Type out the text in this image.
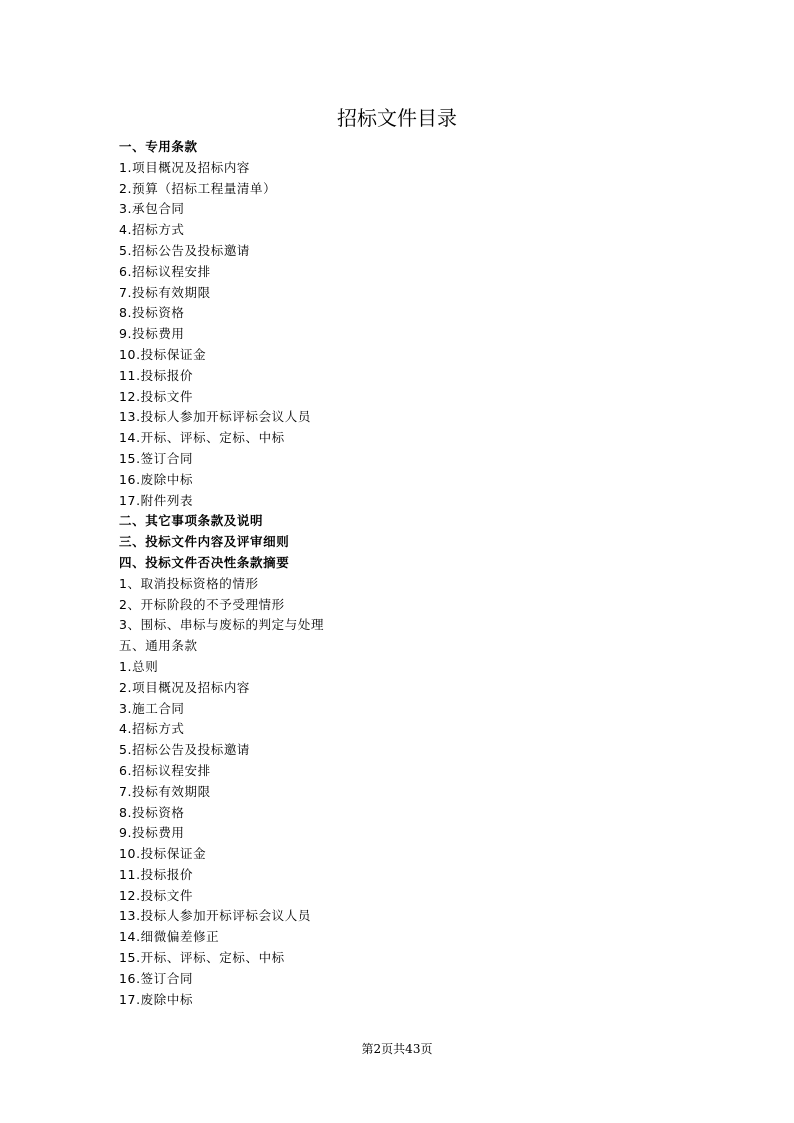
招标文件目录
一、专用条款
1.项目概况及招标内容
2.预算（招标工程量清单）
3.承包合同
4.招标方式
5.招标公告及投标邀请
6.招标议程安排
7.投标有效期限
8.投标资格
9.投标费用
10.投标保证金
11.投标报价
12.投标文件
13.投标人参加开标评标会议人员
14.开标、评标、定标、中标
15.签订合同
16.废除中标
17.附件列表
二、其它事项条款及说明
三、投标文件内容及评审细则
四、投标文件否决性条款摘要
1、取消投标资格的情形
2、开标阶段的不予受理情形
3、围标、串标与废标的判定与处理
五、通用条款
1.总则
2.项目概况及招标内容
3.施工合同
4.招标方式
5.招标公告及投标邀请
6.招标议程安排
7.投标有效期限
8.投标资格
9.投标费用
10.投标保证金
11.投标报价
12.投标文件
13.投标人参加开标评标会议人员
14.细微偏差修正
15.开标、评标、定标、中标
16.签订合同
17.废除中标
第2页共43页
